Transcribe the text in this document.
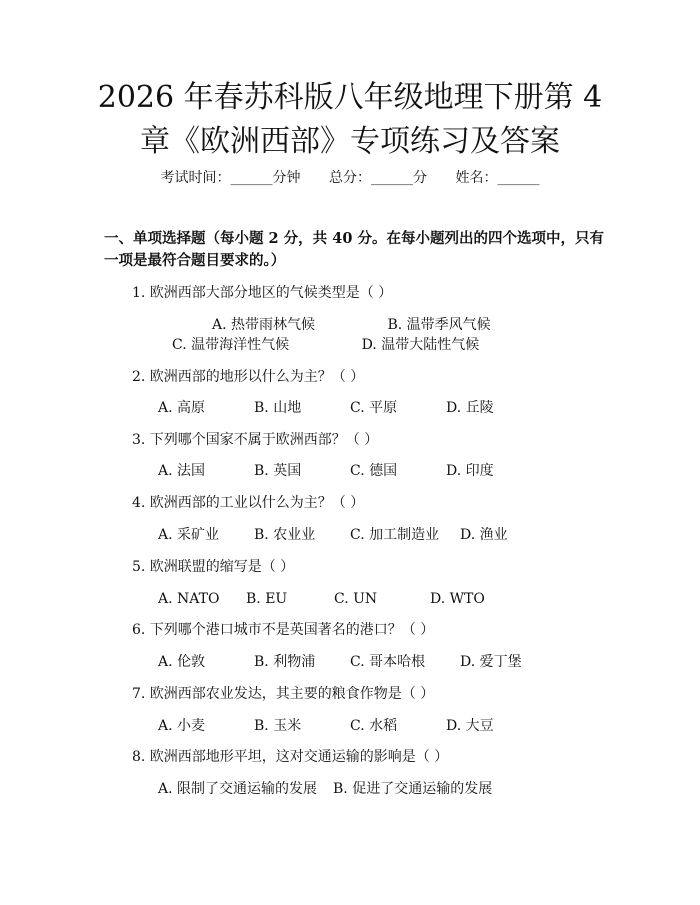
2026 年春苏科版八年级地理下册第 4 章《欧洲西部》专项练习及答案
考试时间：______分钟 总分：______分 姓名：______
一、单项选择题（每小题 2 分，共 40 分。在每小题列出的四个选项中，只有一项是最符合题目要求的。）
1. 欧洲西部大部分地区的气候类型是（ ）
A. 热带雨林气候	B. 温带季风气候 C. 温带海洋性气候	D. 温带大陆性气候
2. 欧洲西部的地形以什么为主？（ ）
A. 高原	B. 山地	C. 平原	D. 丘陵
3. 下列哪个国家不属于欧洲西部？（ ）
A. 法国	B. 英国	C. 德国	D. 印度
4. 欧洲西部的工业以什么为主？（ ）
A. 采矿业 B. 农业业 C. 加工制造业 D. 渔业
5. 欧洲联盟的缩写是（ ）
A. NATO B. EU	C. UN	D. WTO
6. 下列哪个港口城市不是英国著名的港口？（ ）
A. 伦敦	B. 利物浦 C. 哥本哈根 D. 爱丁堡
7. 欧洲西部农业发达，其主要的粮食作物是（ ）
A. 小麦	B. 玉米	C. 水稻	D. 大豆
8. 欧洲西部地形平坦，这对交通运输的影响是（ ）
A. 限制了交通运输的发展 B. 促进了交通运输的发展
